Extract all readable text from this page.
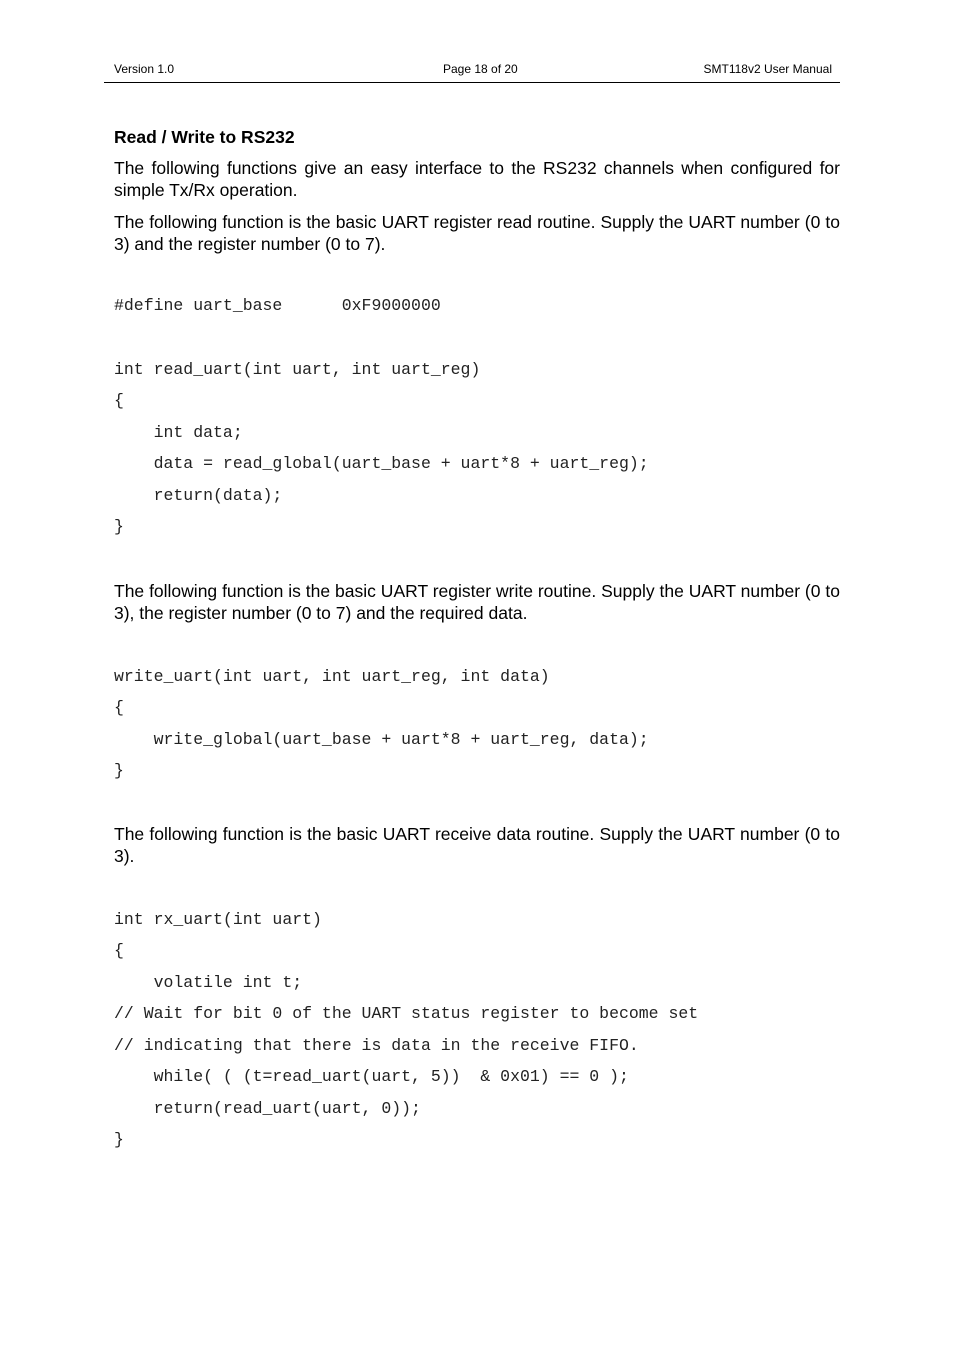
Version 1.0	Page 18 of 20	SMT118v2 User Manual
Read / Write to RS232

The following functions give an easy interface to the RS232 channels when configured for simple Tx/Rx operation.

The following function is the basic UART register read routine. Supply the UART number (0 to 3) and the register number (0 to 7).

#define uart_base      0xF9000000
int read_uart(int uart, int uart_reg)
{
int data;
data = read_global(uart_base + uart*8 + uart_reg);
return(data);
}

The following function is the basic UART register write routine. Supply the UART number (0 to 3), the register number (0 to 7) and the required data.

write_uart(int uart, int uart_reg, int data)
{
write_global(uart_base + uart*8 + uart_reg, data);
}

The following function is the basic UART receive data routine. Supply the UART number (0 to 3).

int rx_uart(int uart)
{
volatile int t;
// Wait for bit 0 of the UART status register to become set
// indicating that there is data in the receive FIFO.
while( ( (t=read_uart(uart, 5))  & 0x01) == 0 );
return(read_uart(uart, 0));
}
